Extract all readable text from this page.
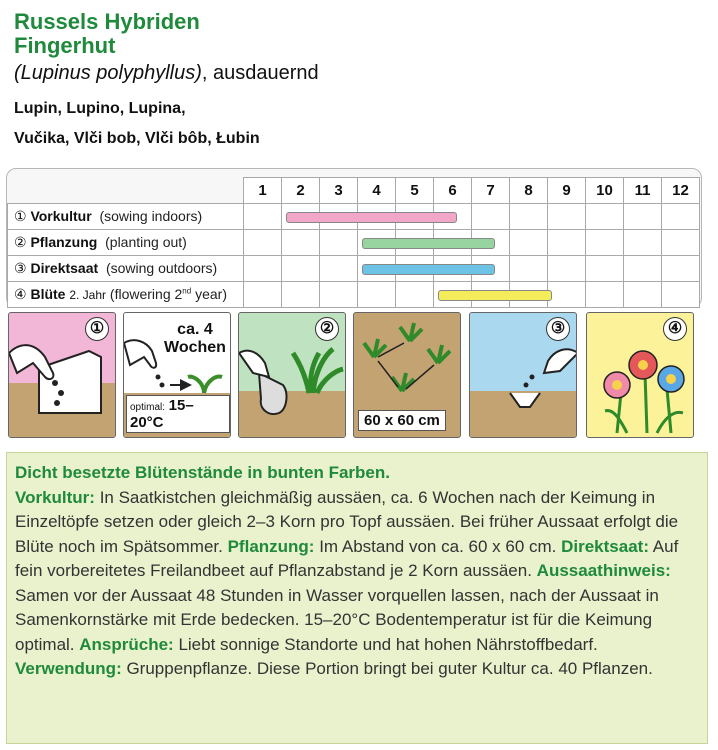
Russels Hybriden
Fingerhut
(Lupinus polyphyllus), ausdauernd
Lupin, Lupino, Lupina,
Vučika, Vlči bob, Vlči bôb, Łubin
	1	2	3	4	5	6	7	8	9	10	11	12
① Vorkultur (sowing indoors)												
② Pflanzung (planting out)												
③ Direktsaat (sowing outdoors)												
④ Blüte 2. Jahr (flowering 2nd year)												
①	ca. 4
Wochen
optimal: 15–20°C
②
60 x 60 cm
③	④
Dicht besetzte Blütenstände in bunten Farben.
Vorkultur: In Saatkistchen gleichmäßig aussäen, ca. 6 Wochen nach der Keimung in Einzeltöpfe setzen oder gleich 2–3 Korn pro Topf aussäen. Bei früher Aussaat erfolgt die Blüte noch im Spätsommer. Pflanzung: Im Abstand von ca. 60 x 60 cm. Direktsaat: Auf fein vorbereitetes Freilandbeet auf Pflanzabstand je 2 Korn aussäen. Aussaathinweis: Samen vor der Aussaat 48 Stunden in Wasser vorquellen lassen, nach der Aussaat in Samenkornstärke mit Erde bedecken. 15–20°C Bodentemperatur ist für die Keimung optimal. Ansprüche: Liebt sonnige Standorte und hat hohen Nährstoffbedarf. Verwendung: Gruppenpflanze. Diese Portion bringt bei guter Kultur ca. 40 Pflanzen.
